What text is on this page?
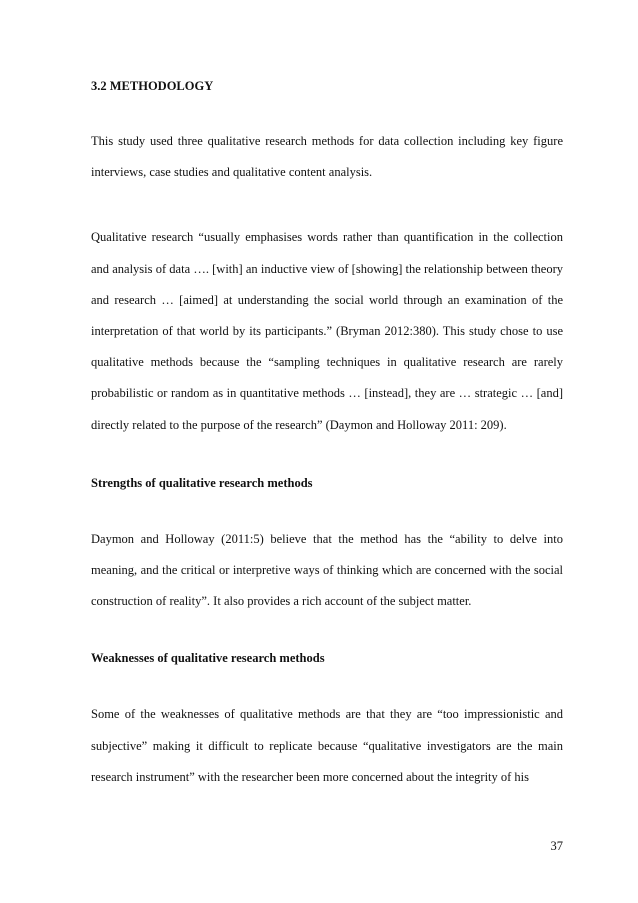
3.2 METHODOLOGY

This study used three qualitative research methods for data collection including key figure interviews, case studies and qualitative content analysis.

Qualitative research “usually emphasises words rather than quantification in the collection and analysis of data …. [with] an inductive view of [showing] the relationship between theory and research … [aimed] at understanding the social world through an examination of the interpretation of that world by its participants.” (Bryman 2012:380). This study chose to use qualitative methods because the “sampling techniques in qualitative research are rarely probabilistic or random as in quantitative methods … [instead], they are … strategic … [and] directly related to the purpose of the research” (Daymon and Holloway 2011: 209).

Strengths of qualitative research methods

Daymon and Holloway (2011:5) believe that the method has the “ability to delve into meaning, and the critical or interpretive ways of thinking which are concerned with the social construction of reality”. It also provides a rich account of the subject matter.

Weaknesses of qualitative research methods

Some of the weaknesses of qualitative methods are that they are “too impressionistic and subjective” making it difficult to replicate because “qualitative investigators are the main research instrument” with the researcher been more concerned about the integrity of his

37
